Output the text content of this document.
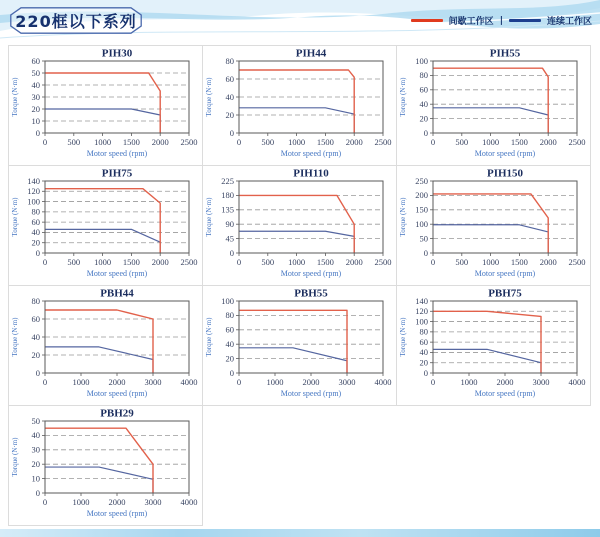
220框以下系列	间歇工作区 |	连续工作区
PIH30
0
10
20
30
40
50
60
0 500 1000 1500 2000 2500
Motor speed (rpm)
Torque (N·m)
PIH44
0
20
40
60
80
0 500 1000 1500 2000 2500
Motor speed (rpm)
Torque (N·m)
PIH55
0
20
40
60
80
100
0 500 1000 1500 2000 2500
Motor speed (rpm)
Torque (N·m)
PIH75
0
20
40
60
80
100
120
140
0 500 1000 1500 2000 2500
Motor speed (rpm)
Torque (N·m)
PIH110
0
45
90
135
180
225
0 500 1000 1500 2000 2500
Motor speed (rpm)
Torque (N·m)
PIH150
0
50
100
150
200
250
0 500 1000 1500 2000 2500
Motor speed (rpm)
Torque (N·m)
PBH44
0
20
40
60
80
0	1000 2000 3000 4000
Motor speed (rpm)
Torque (N·m)
PBH55
0
20
40
60
80
100
0	1000 2000 3000 4000
Motor speed (rpm)
Torque (N·m)
PBH75
0
20
40
60
80
100
120
140
0	1000 2000 3000 4000
Motor speed (rpm)
Torque (N·m)
PBH29
0
10
20
30
40
50
0	1000 2000 3000 4000
Motor speed (rpm)
Torque (N·m)
